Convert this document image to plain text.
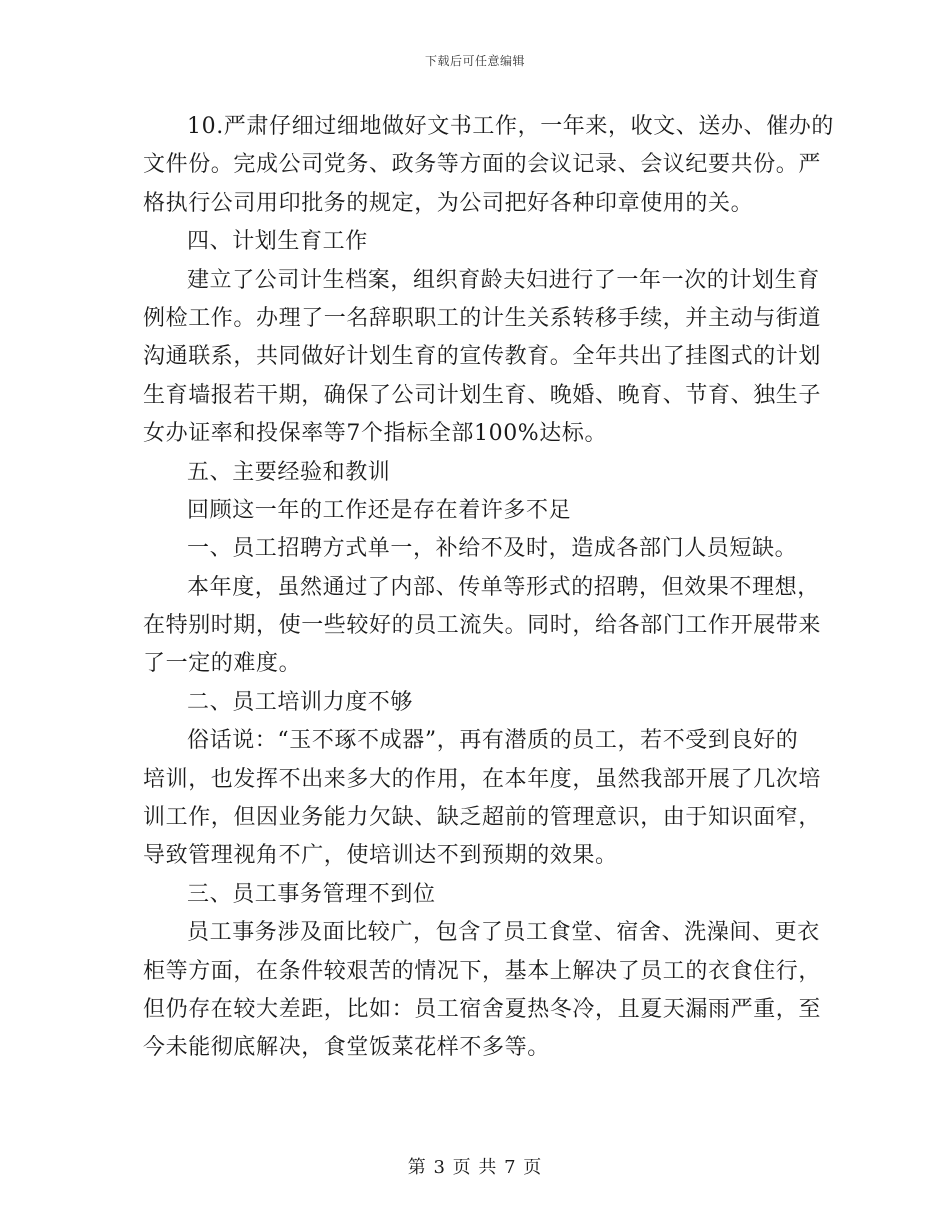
下载后可任意编辑
10.严肃仔细过细地做好文书工作，一年来，收文、送办、催办的
文件份。完成公司党务、政务等方面的会议记录、会议纪要共份。严
格执行公司用印批务的规定，为公司把好各种印章使用的关。
四、计划生育工作
建立了公司计生档案，组织育龄夫妇进行了一年一次的计划生育
例检工作。办理了一名辞职职工的计生关系转移手续，并主动与街道
沟通联系，共同做好计划生育的宣传教育。全年共出了挂图式的计划
生育墙报若干期，确保了公司计划生育、晚婚、晚育、节育、独生子
女办证率和投保率等7个指标全部100%达标。
五、主要经验和教训
回顾这一年的工作还是存在着许多不足
一、员工招聘方式单一，补给不及时，造成各部门人员短缺。
本年度，虽然通过了内部、传单等形式的招聘，但效果不理想，
在特别时期，使一些较好的员工流失。同时，给各部门工作开展带来
了一定的难度。
二、员工培训力度不够
俗话说：“玉不琢不成器”，再有潜质的员工，若不受到良好的
培训，也发挥不出来多大的作用，在本年度，虽然我部开展了几次培
训工作，但因业务能力欠缺、缺乏超前的管理意识，由于知识面窄，
导致管理视角不广，使培训达不到预期的效果。
三、员工事务管理不到位
员工事务涉及面比较广，包含了员工食堂、宿舍、洗澡间、更衣
柜等方面，在条件较艰苦的情况下，基本上解决了员工的衣食住行，
但仍存在较大差距，比如：员工宿舍夏热冬冷，且夏天漏雨严重，至
今未能彻底解决，食堂饭菜花样不多等。
第 3 页 共 7 页
